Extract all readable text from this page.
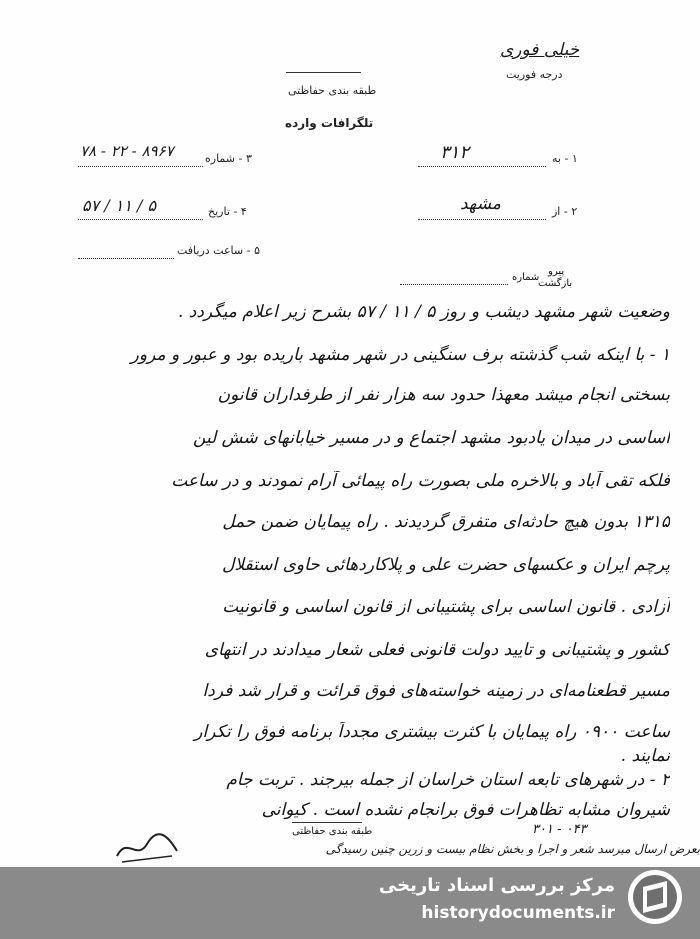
خیلی فوری
درجه فوریت
طبقه بندی حفاظتی
تلگرافات وارده
۱ - به
۳۱۲
۳ - شماره
۸۹۶۷ - ۲۲ - ۷۸
۲ - از
مشهد
۴ - تاریخ
۵ / ۱۱ / ۵۷
۵ - ساعت دریافت
پیرو
بازگشت
شماره
وضعیت شهر مشهد دیشب و روز ۵ / ۱۱ / ۵۷ بشرح زیر اعلام میگردد .
۱ - با اینکه شب گذشته برف سنگینی در شهر مشهد باریده بود و عبور و مرور
بسختی انجام میشد معهذا حدود سه هزار نفر از طرفداران قانون
اساسی در میدان یادبود مشهد اجتماع و در مسیر خیابانهای شش لین
فلکه تقی آباد و بالاخره ملی بصورت راه پیمائی آرام نمودند و در ساعت
۱۳۱۵ بدون هیچ حادثه‌ای متفرق گردیدند . راه پیمایان ضمن حمل
پرچم ایران و عکسهای حضرت علی و پلاکاردهائی حاوی استقلال
آزادی . قانون اساسی برای پشتیبانی از قانون اساسی و قانونیت
کشور و پشتیبانی و تایید دولت قانونی فعلی شعار میدادند در انتهای
مسیر قطعنامه‌ای در زمینه خواسته‌های فوق قرائت و قرار شد فردا
ساعت ۰۹۰۰ راه پیمایان با کثرت بیشتری مجدداً برنامه فوق را تکرار
نمایند .
۲ - در شهرهای تابعه استان خراسان از جمله بیرجند . تربت جام
شیروان مشابه تظاهرات فوق برانجام نشده است . کیوانی
طبقه بندی حفاظتی	۰۴۳ - ۳۰۱
بعرض ارسال میرسد شعر و اجرا و بخش نظام بیست و زرین چنین رسیدگی
مرکز بررسی اسناد تاریخی
historydocuments.ir
